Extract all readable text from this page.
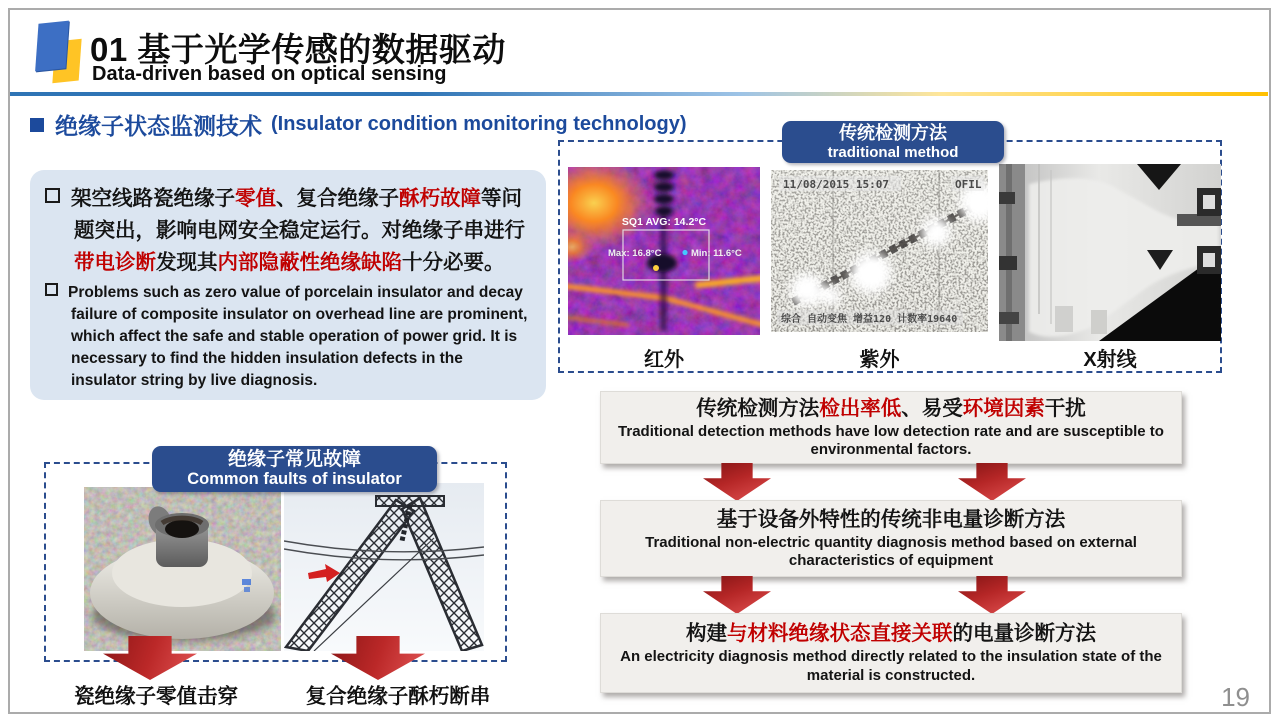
01 基于光学传感的数据驱动
Data-driven based on optical sensing
绝缘子状态监测技术 (Insulator condition monitoring technology)

架空线路瓷绝缘子零值、复合绝缘子酥朽故障等问题突出，影响电网安全稳定运行。对绝缘子串进行带电诊断发现其内部隐蔽性绝缘缺陷十分必要。

Problems such as zero value of porcelain insulator and decay failure of composite insulator on overhead line are prominent, which affect the safe and stable operation of power grid. It is necessary to find the hidden insulation defects in the insulator string by live diagnosis.

传统检测方法
traditional method
SQ1 AVG: 14.2°C
Max: 16.8°C	Min: 11.6°C
11/08/2015 15:07	OFIL
综合 自动变焦 增益120 计数率19640
红外	紫外	X射线
传统检测方法检出率低、易受环境因素干扰
Traditional detection methods have low detection rate and are susceptible to environmental factors.
基于设备外特性的传统非电量诊断方法
Traditional non-electric quantity diagnosis method based on external characteristics of equipment
构建与材料绝缘状态直接关联的电量诊断方法
An electricity diagnosis method directly related to the insulation state of the material is constructed.
绝缘子常见故障
Common faults of insulator
瓷绝缘子零值击穿	复合绝缘子酥朽断串	19
